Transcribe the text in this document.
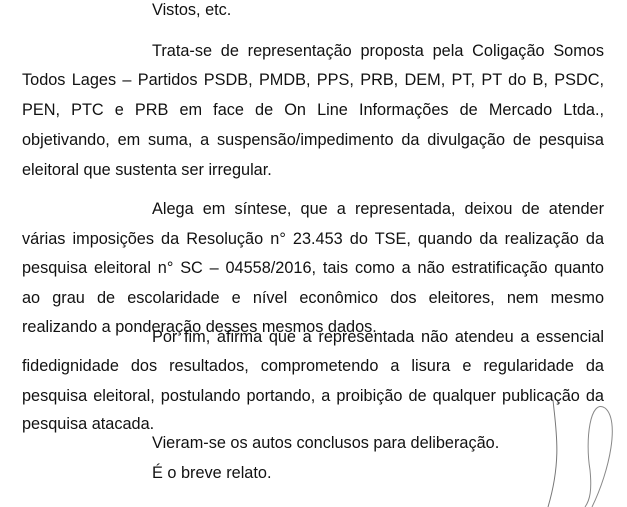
Vistos, etc.
Trata-se de representação proposta pela Coligação Somos
Todos Lages – Partidos PSDB, PMDB, PPS, PRB, DEM, PT, PT do B, PSDC,
PEN, PTC e PRB em face de On Line Informações de Mercado Ltda.,
objetivando, em suma, a suspensão/impedimento da divulgação de pesquisa
eleitoral que sustenta ser irregular.
Alega em síntese, que a representada, deixou de atender
várias imposições da Resolução n° 23.453 do TSE, quando da realização da
pesquisa eleitoral n° SC – 04558/2016, tais como a não estratificação quanto
ao grau de escolaridade e nível econômico dos eleitores, nem mesmo
realizando a ponderação desses mesmos dados.
Por fim, afirma que a representada não atendeu a essencial
fidedignidade dos resultados, comprometendo a lisura e regularidade da
pesquisa eleitoral, postulando portando, a proibição de qualquer publicação da
pesquisa atacada.
Vieram-se os autos conclusos para deliberação.
É o breve relato.
